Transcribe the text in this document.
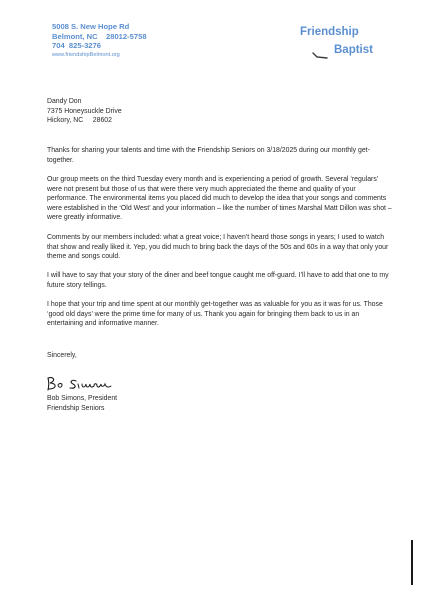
5008 S. New Hope Rd
Belmont, NC    28012-5758
704  825-3276
www.friendshipBelmont.org
Friendship
Baptist
Dandy Don
7375 Honeysuckle Drive
Hickory, NC     28602

Thanks for sharing your talents and time with the Friendship Seniors on 3/18/2025 during our monthly get-together.

Our group meets on the third Tuesday every month and is experiencing a period of growth. Several ‘regulars’ were not present but those of us that were there very much appreciated the theme and quality of your performance. The environmental items you placed did much to develop the idea that your songs and comments were established in the ‘Old West’ and your information – like the number of times Marshal Matt Dillon was shot – were greatly informative.

Comments by our members included: what a great voice; I haven’t heard those songs in years; I used to watch that show and really liked it. Yep, you did much to bring back the days of the 50s and 60s in a way that only your theme and songs could.

I will have to say that your story of the diner and beef tongue caught me off-guard. I’ll have to add that one to my future story tellings.

I hope that your trip and time spent at our monthly get-together was as valuable for you as it was for us. Those ‘good old days’ were the prime time for many of us. Thank you again for bringing them back to us in an entertaining and informative manner.

Sincerely,
Bob Simons, President
Friendship Seniors
